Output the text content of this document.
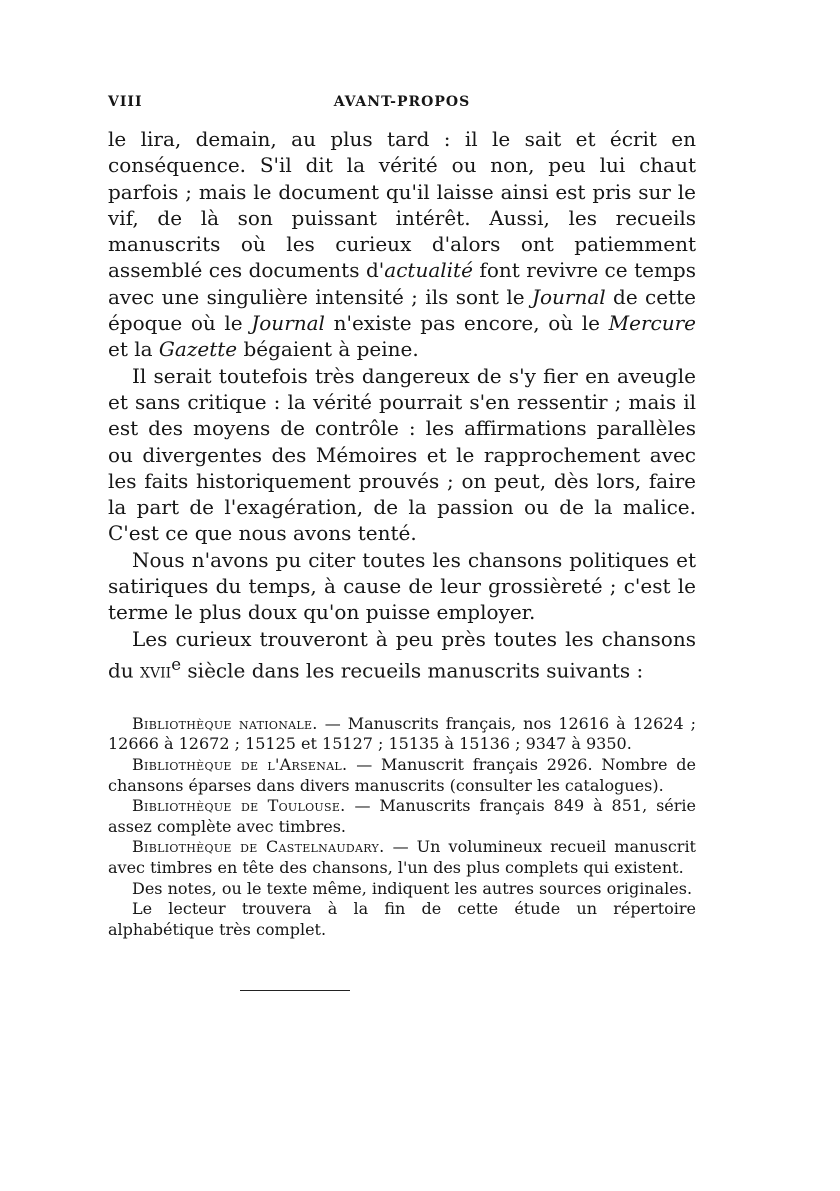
VIII	AVANT-PROPOS

le lira, demain, au plus tard : il le sait et écrit en conséquence. S'il dit la vérité ou non, peu lui chaut parfois ; mais le document qu'il laisse ainsi est pris sur le vif, de là son puissant intérêt. Aussi, les recueils manuscrits où les curieux d'alors ont patiemment assemblé ces documents d'actualité font revivre ce temps avec une singulière intensité ; ils sont le Journal de cette époque où le Journal n'existe pas encore, où le Mercure et la Gazette bégaient à peine.

Il serait toutefois très dangereux de s'y fier en aveugle et sans critique : la vérité pourrait s'en ressentir ; mais il est des moyens de contrôle : les affirmations parallèles ou divergentes des Mémoires et le rapprochement avec les faits historiquement prouvés ; on peut, dès lors, faire la part de l'exagération, de la passion ou de la malice. C'est ce que nous avons tenté.

Nous n'avons pu citer toutes les chansons politiques et satiriques du temps, à cause de leur grossièreté ; c'est le terme le plus doux qu'on puisse employer.

Les curieux trouveront à peu près toutes les chansons du xvii$^e$ siècle dans les recueils manuscrits suivants :

Bibliothèque nationale. — Manuscrits français, nos 12616 à 12624 ; 12666 à 12672 ; 15125 et 15127 ; 15135 à 15136 ; 9347 à 9350.

Bibliothèque de l'Arsenal. — Manuscrit français 2926. Nombre de chansons éparses dans divers manuscrits (consulter les catalogues).

Bibliothèque de Toulouse. — Manuscrits français 849 à 851, série assez complète avec timbres.

Bibliothèque de Castelnaudary. — Un volumineux recueil manuscrit avec timbres en tête des chansons, l'un des plus complets qui existent.

Des notes, ou le texte même, indiquent les autres sources originales.

Le lecteur trouvera à la fin de cette étude un répertoire alphabétique très complet.
